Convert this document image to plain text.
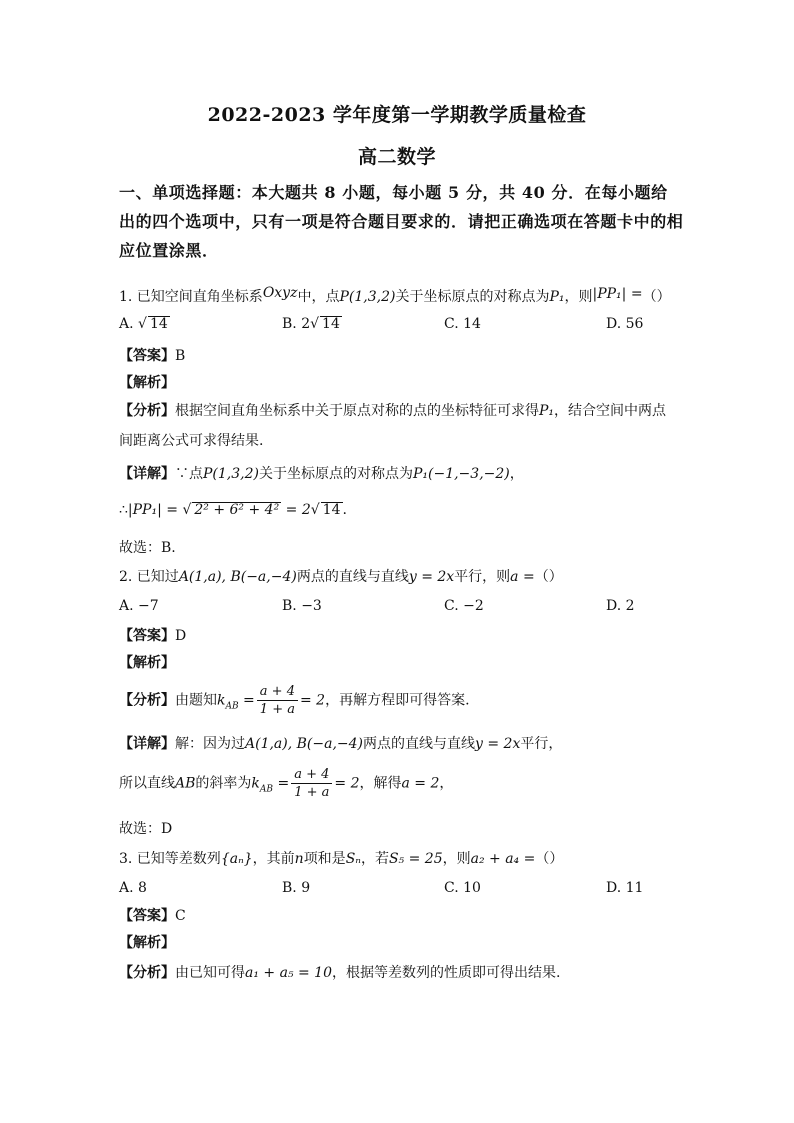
2022-2023 学年度第一学期教学质量检查
高二数学
一、单项选择题：本大题共 8 小题，每小题 5 分，共 40 分．在每小题给出的四个选项中，只有一项是符合题目要求的．请把正确选项在答题卡中的相应位置涂黑．
1. 已知空间直角坐标系Oxyz中，点P(1,3,2)关于坐标原点的对称点为P₁，则|PP₁| =（）
A. √ 14	B. 2√ 14	C. 14	D. 56
【答案】B
【解析】
【分析】根据空间直角坐标系中关于原点对称的点的坐标特征可求得P₁，结合空间中两点
间距离公式可求得结果.
【详解】∵点P(1,3,2)关于坐标原点的对称点为P₁(−1,−3,−2)，
∴|PP₁| = √ 2² + 6² + 4² = 2√ 14 .
故选：B.
2. 已知过A(1,a), B(−a,−4)两点的直线与直线y = 2x平行，则a =（）
A. −7	B. −3	C. −2	D. 2
【答案】D
【解析】
【分析】由题知$k_{AB} = \frac{a + 4}{1 + a} = 2$，再解方程即可得答案.
【详解】解：因为过A(1,a), B(−a,−4)两点的直线与直线y = 2x平行，
所以直线AB的斜率为$k_{AB} = \frac{a + 4}{1 + a} = 2$，解得a = 2，
故选：D
3. 已知等差数列{aₙ}，其前n项和是Sₙ，若S₅ = 25，则a₂ + a₄ =（）
A. 8	B. 9	C. 10	D. 11
【答案】C
【解析】
【分析】由已知可得a₁ + a₅ = 10，根据等差数列的性质即可得出结果.
